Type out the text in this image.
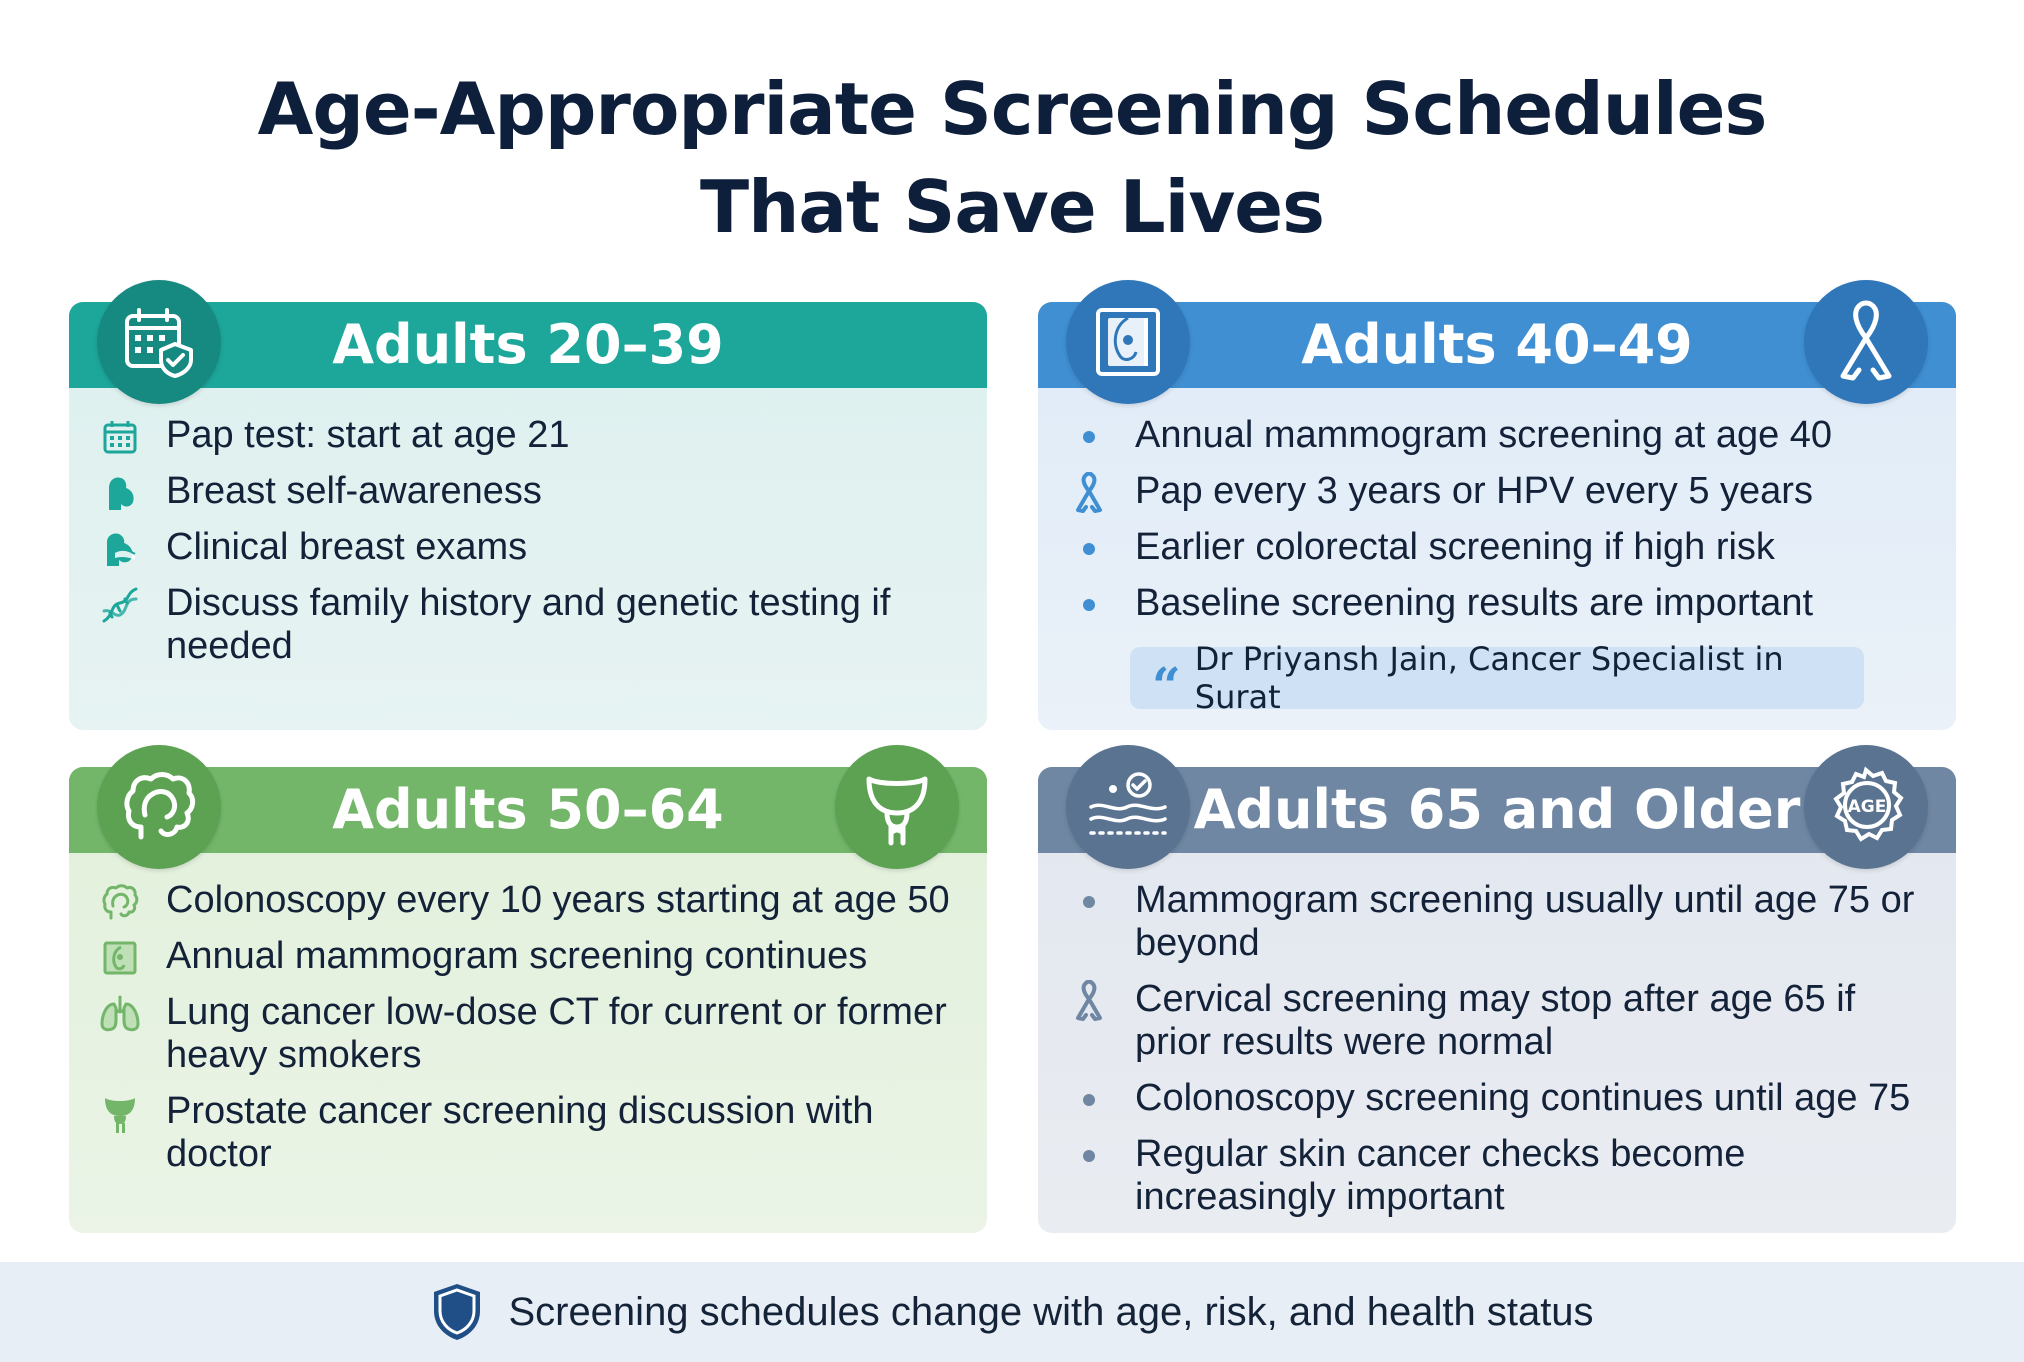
Age-Appropriate Screening Schedules
That Save Lives
Adults 20–39
Pap test: start at age 21
Breast self-awareness
Clinical breast exams
Discuss family history and genetic testing if needed
Adults 40–49
Annual mammogram screening at age 40
Pap every 3 years or HPV every 5 years
Earlier colorectal screening if high risk
Baseline screening results are important
“ Dr Priyansh Jain, Cancer Specialist in Surat
Adults 50–64
Colonoscopy every 10 years starting at age 50
Annual mammogram screening continues
Lung cancer low-dose CT for current or former heavy smokers
Prostate cancer screening discussion with doctor
Adults 65 and Older	AGE
Mammogram screening usually until age 75 or beyond
Cervical screening may stop after age 65 if prior results were normal
Colonoscopy screening continues until age 75
Regular skin cancer checks become increasingly important
Screening schedules change with age, risk, and health status
